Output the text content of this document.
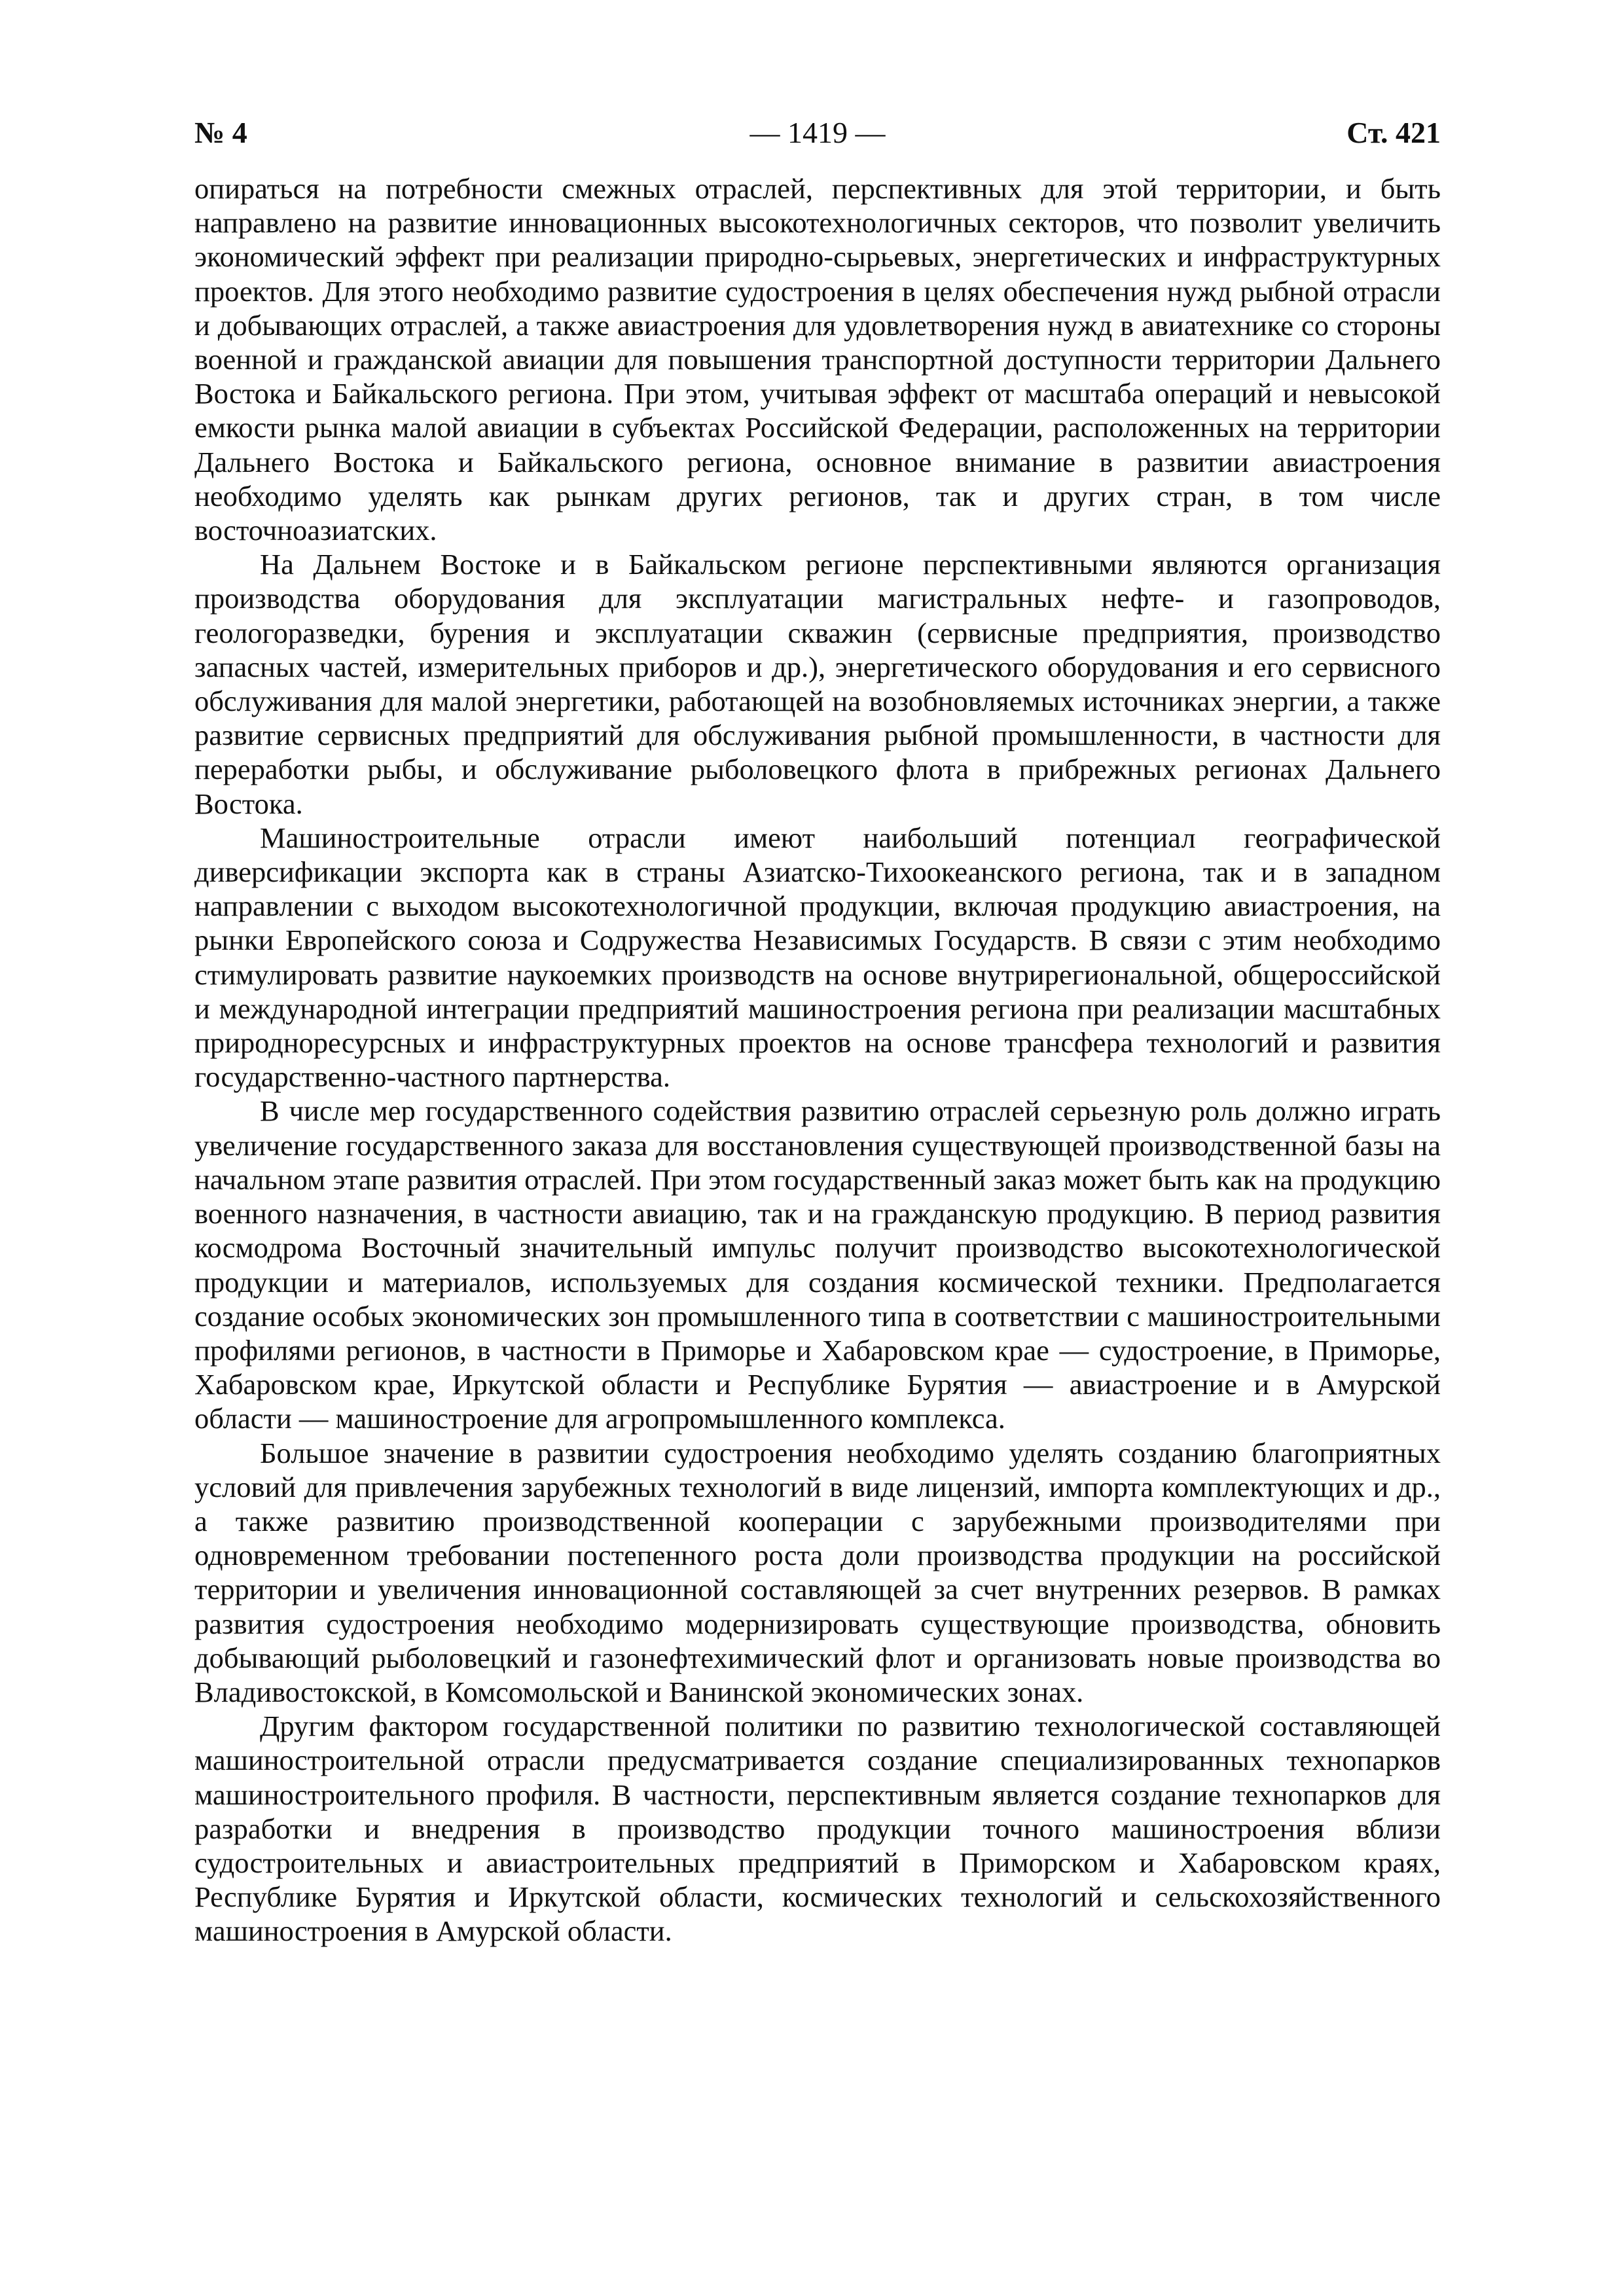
№ 4	— 1419 —	Ст. 421

опираться на потребности смежных отраслей, перспективных для этой территории, и быть направлено на развитие инновационных высокотехнологичных секторов, что позволит увеличить экономический эффект при реализации природно-сырьевых, энергетических и инфраструктурных проектов. Для этого необходимо развитие судостроения в целях обеспечения нужд рыбной отрасли и добывающих отраслей, а также авиастроения для удовлетворения нужд в авиатехнике со стороны военной и гражданской авиации для повышения транспортной доступности территории Дальнего Востока и Байкальского региона. При этом, учитывая эффект от масштаба операций и невысокой емкости рынка малой авиации в субъектах Российской Федерации, расположенных на территории Дальнего Востока и Байкальского региона, основное внимание в развитии авиастроения необходимо уделять как рынкам других регионов, так и других стран, в том числе восточноазиатских.

На Дальнем Востоке и в Байкальском регионе перспективными являются организация производства оборудования для эксплуатации магистральных нефте- и газопроводов, геологоразведки, бурения и эксплуатации скважин (сервисные предприятия, производство запасных частей, измерительных приборов и др.), энергетического оборудования и его сервисного обслуживания для малой энергетики, работающей на возобновляемых источниках энергии, а также развитие сервисных предприятий для обслуживания рыбной промышленности, в частности для переработки рыбы, и обслуживание рыболовецкого флота в прибрежных регионах Дальнего Востока.

Машиностроительные отрасли имеют наибольший потенциал географической диверсификации экспорта как в страны Азиатско-Тихоокеанского региона, так и в западном направлении с выходом высокотехнологичной продукции, включая продукцию авиастроения, на рынки Европейского союза и Содружества Независимых Государств. В связи с этим необходимо стимулировать развитие наукоемких производств на основе внутрирегиональной, общероссийской и международной интеграции предприятий машиностроения региона при реализации масштабных природноресурсных и инфраструктурных проектов на основе трансфера технологий и развития государственно-частного партнерства.

В числе мер государственного содействия развитию отраслей серьезную роль должно играть увеличение государственного заказа для восстановления существующей производственной базы на начальном этапе развития отраслей. При этом государственный заказ может быть как на продукцию военного назначения, в частности авиацию, так и на гражданскую продукцию. В период развития космодрома Восточный значительный импульс получит производство высокотехнологической продукции и материалов, используемых для создания космической техники. Предполагается создание особых экономических зон промышленного типа в соответствии с машиностроительными профилями регионов, в частности в Приморье и Хабаровском крае — судостроение, в Приморье, Хабаровском крае, Иркутской области и Республике Бурятия — авиастроение и в Амурской области — машиностроение для агропромышленного комплекса.

Большое значение в развитии судостроения необходимо уделять созданию благоприятных условий для привлечения зарубежных технологий в виде лицензий, импорта комплектующих и др., а также развитию производственной кооперации с зарубежными производителями при одновременном требовании постепенного роста доли производства продукции на российской территории и увеличения инновационной составляющей за счет внутренних резервов. В рамках развития судостроения необходимо модернизировать существующие производства, обновить добывающий рыболовецкий и газонефтехимический флот и организовать новые производства во Владивостокской, в Комсомольской и Ванинской экономических зонах.

Другим фактором государственной политики по развитию технологической составляющей машиностроительной отрасли предусматривается создание специализированных технопарков машиностроительного профиля. В частности, перспективным является создание технопарков для разработки и внедрения в производство продукции точного машиностроения вблизи судостроительных и авиастроительных предприятий в Приморском и Хабаровском краях, Республике Бурятия и Иркутской области, космических технологий и сельскохозяйственного машиностроения в Амурской области.
